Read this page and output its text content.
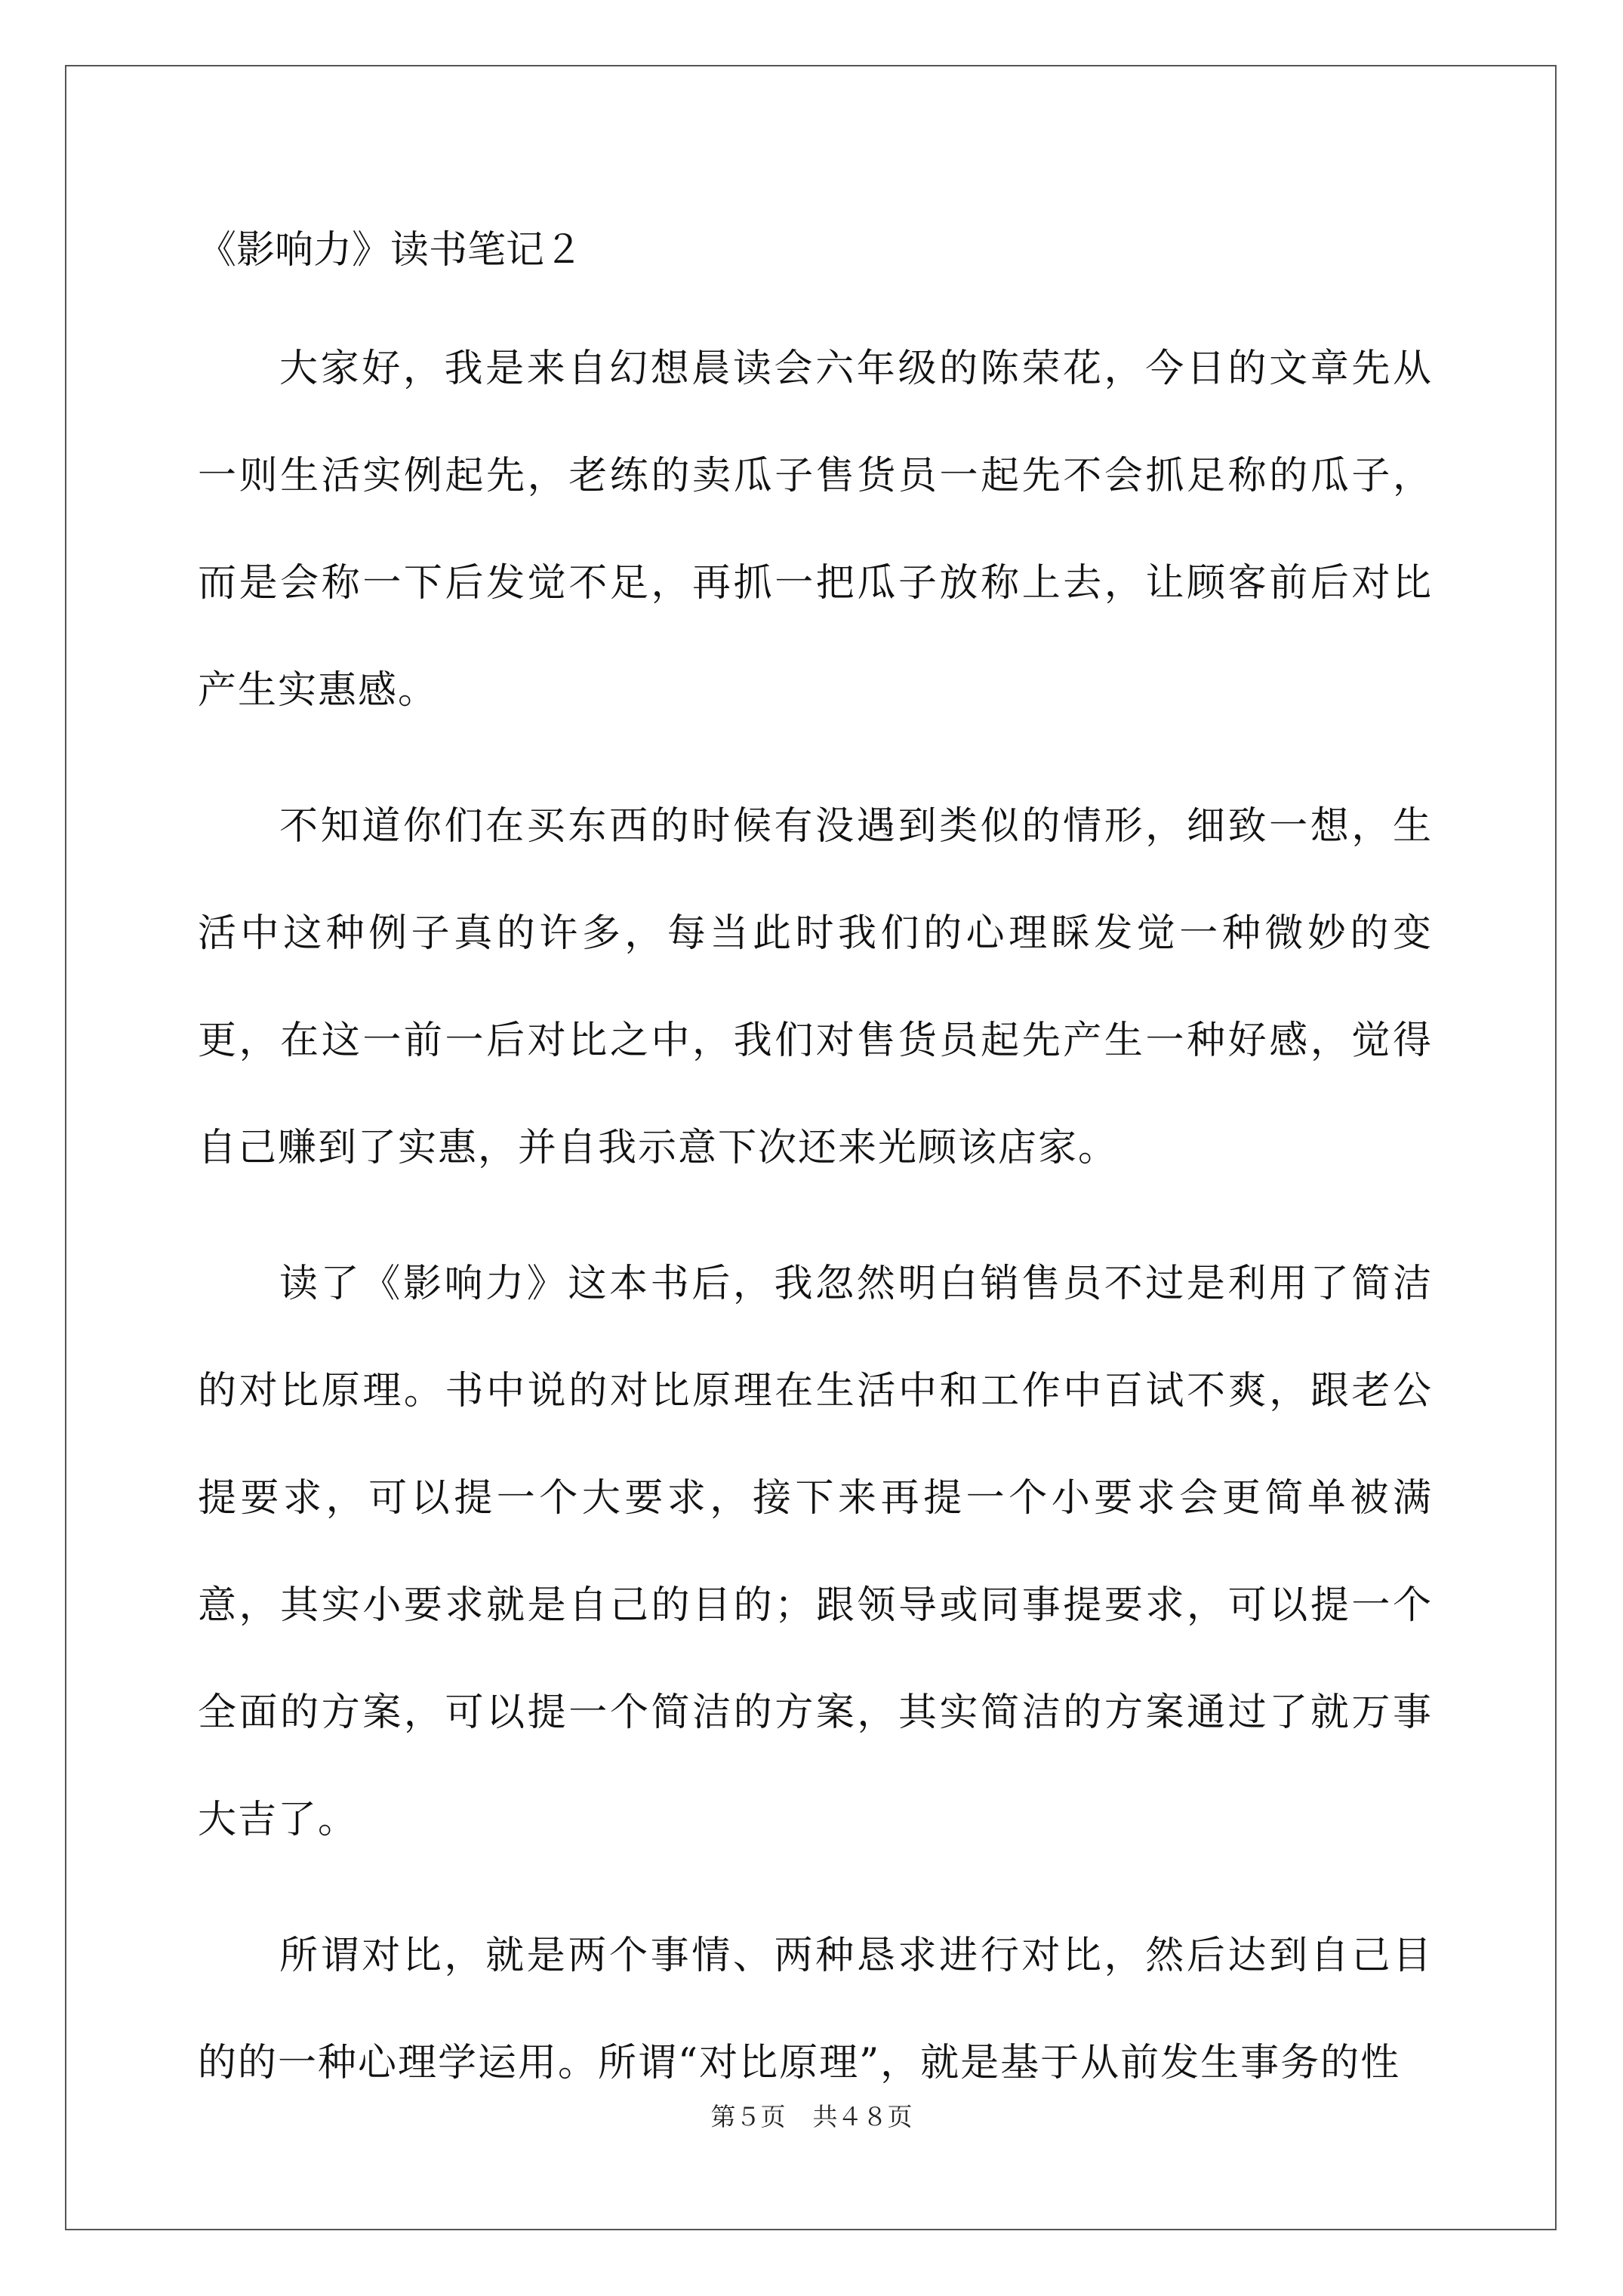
《影响力》读书笔记２

大家好，我是来自幻想晨读会六年级的陈荣花，今日的文章先从一则生活实例起先，老练的卖瓜子售货员一起先不会抓足称的瓜子，而是会称一下后发觉不足，再抓一把瓜子放称上去，让顾客前后对比产生实惠感。

不知道你们在买东西的时候有没遇到类似的情形，细致一想，生活中这种例子真的许多，每当此时我们的心理睬发觉一种微妙的变更，在这一前一后对比之中，我们对售货员起先产生一种好感，觉得自己赚到了实惠，并自我示意下次还来光顾该店家。

读了《影响力》这本书后，我忽然明白销售员不过是利用了简洁的对比原理。书中说的对比原理在生活中和工作中百试不爽，跟老公提要求，可以提一个大要求，接下来再提一个小要求会更简单被满意，其实小要求就是自己的目的；跟领导或同事提要求，可以提一个全面的方案，可以提一个简洁的方案，其实简洁的方案通过了就万事大吉了。

所谓对比，就是两个事情、两种恳求进行对比，然后达到自己目的的一种心理学运用。所谓“对比原理”，就是基于从前发生事务的性

第５页 共４８页
